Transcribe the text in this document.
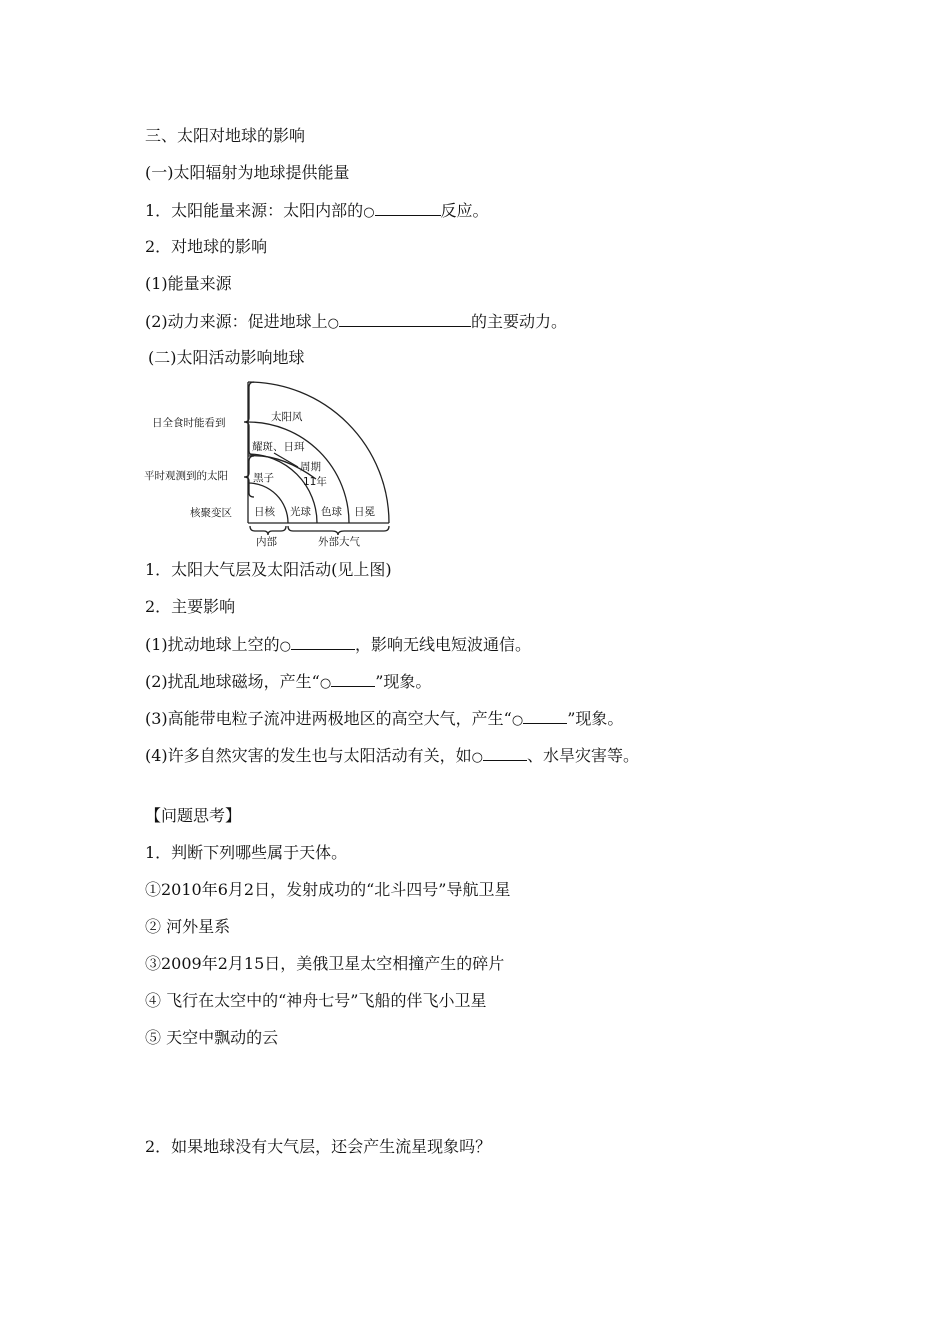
三、太阳对地球的影响
(一)太阳辐射为地球提供能量
1．太阳能量来源：太阳内部的○	反应。
2．对地球的影响
(1)能量来源
(2)动力来源：促进地球上○	的主要动力。
(二)太阳活动影响地球
日全食时能看到
平时观测到的太阳
核聚变区
太阳风
耀斑、日珥
黑子
周期
11年
日核 光球 色球 日冕
内部	外部大气
1．太阳大气层及太阳活动(见上图)
2．主要影响
(1)扰动地球上空的○	，影响无线电短波通信。
(2)扰乱地球磁场，产生“○	”现象。
(3)高能带电粒子流冲进两极地区的高空大气，产生“○	”现象。
(4)许多自然灾害的发生也与太阳活动有关，如○	、水旱灾害等。
【问题思考】
1．判断下列哪些属于天体。
①2010年6月2日，发射成功的“北斗四号”导航卫星
② 河外星系
③2009年2月15日，美俄卫星太空相撞产生的碎片
④ 飞行在太空中的“神舟七号”飞船的伴飞小卫星
⑤ 天空中飘动的云
2．如果地球没有大气层，还会产生流星现象吗？
